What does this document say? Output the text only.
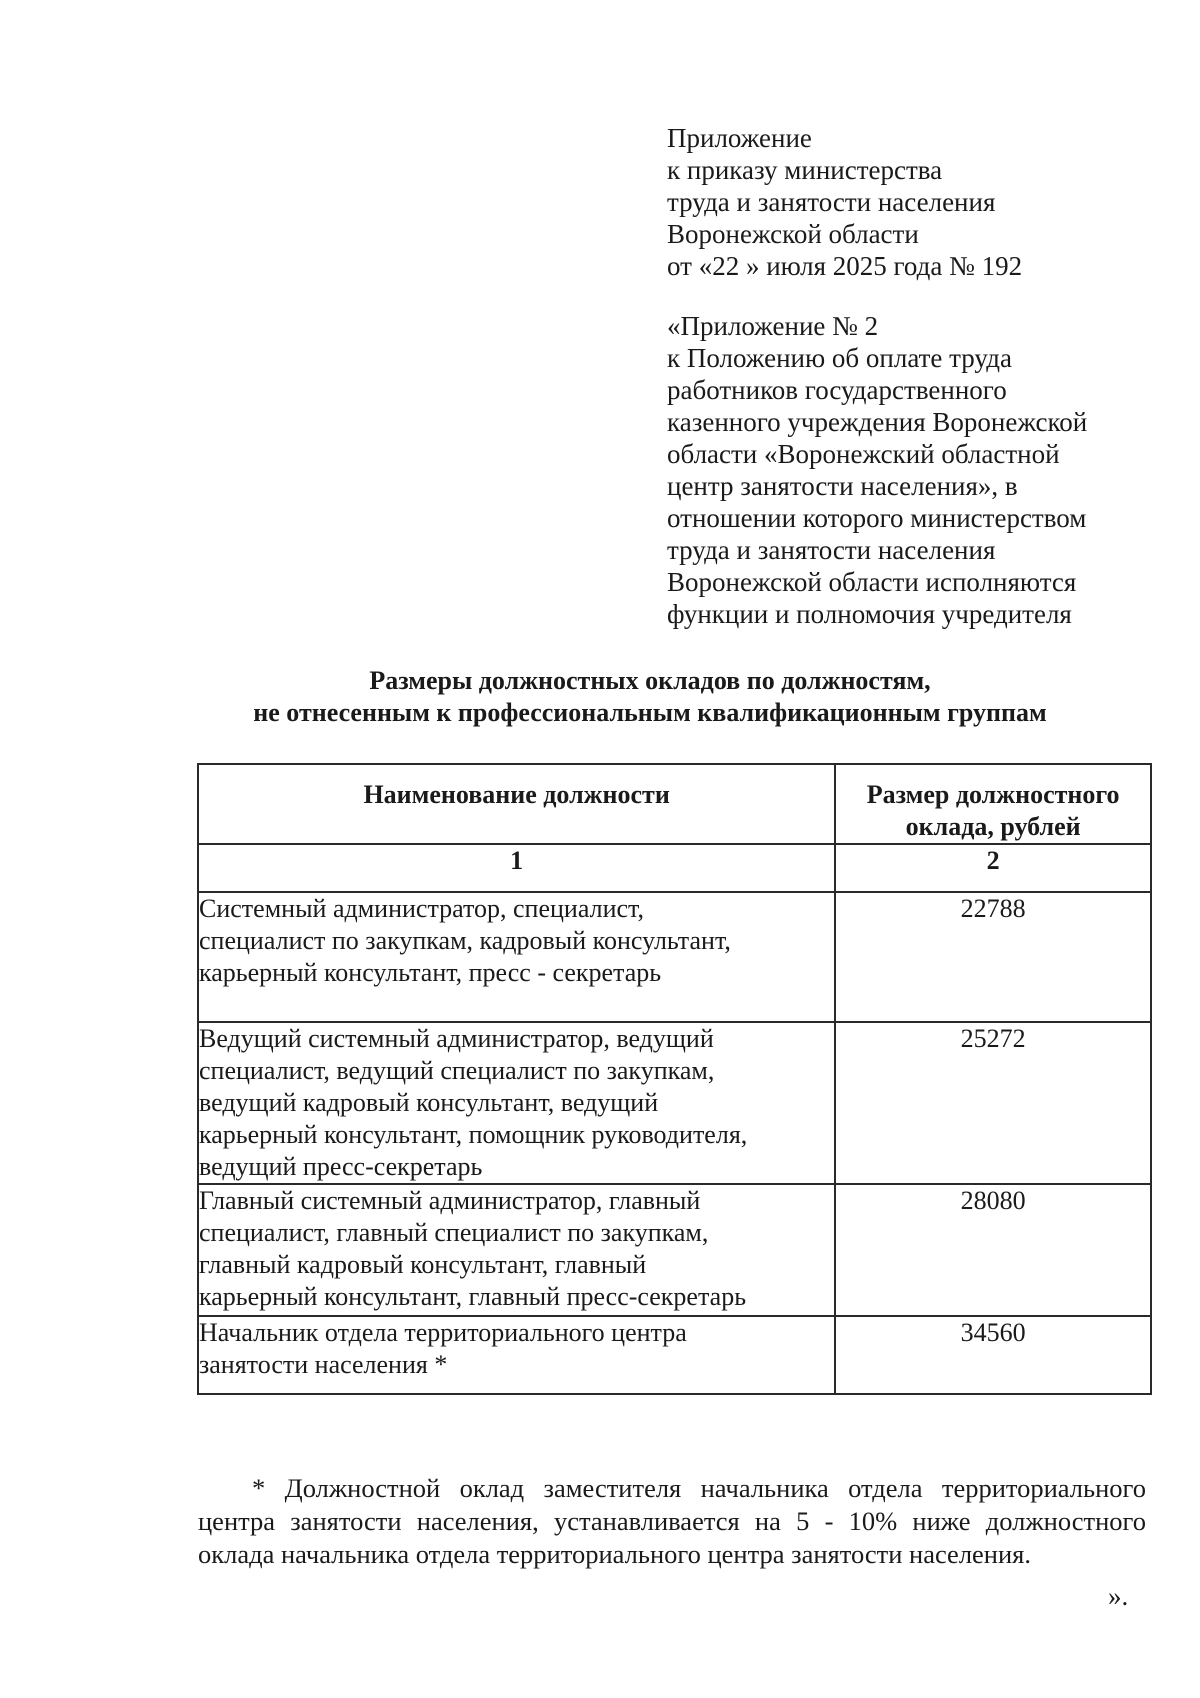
Приложение
к приказу министерства
труда и занятости населения
Воронежской области
от «22 » июля 2025 года № 192
«Приложение № 2
к Положению об оплате труда
работников государственного
казенного учреждения Воронежской
области «Воронежский областной
центр занятости населения», в
отношении которого министерством
труда и занятости населения
Воронежской области исполняются
функции и полномочия учредителя
Размеры должностных окладов по должностям,
не отнесенным к профессиональным квалификационным группам
Наименование должности	Размер должностного
оклада, рублей

1	2

Системный администратор, специалист,
специалист по закупкам, кадровый консультант,
карьерный консультант, пресс - секретарь	22788

Ведущий системный администратор, ведущий
специалист, ведущий специалист по закупкам,
ведущий кадровый консультант, ведущий
карьерный консультант, помощник руководителя,
ведущий пресс-секретарь	25272

Главный системный администратор, главный
специалист, главный специалист по закупкам,
главный кадровый консультант, главный
карьерный консультант, главный пресс-секретарь	28080

Начальник отдела территориального центра
занятости населения *	34560
* Должностной оклад заместителя начальника отдела территориального
центра занятости населения, устанавливается на 5 - 10% ниже должностного
оклада начальника отдела территориального центра занятости населения.
».
